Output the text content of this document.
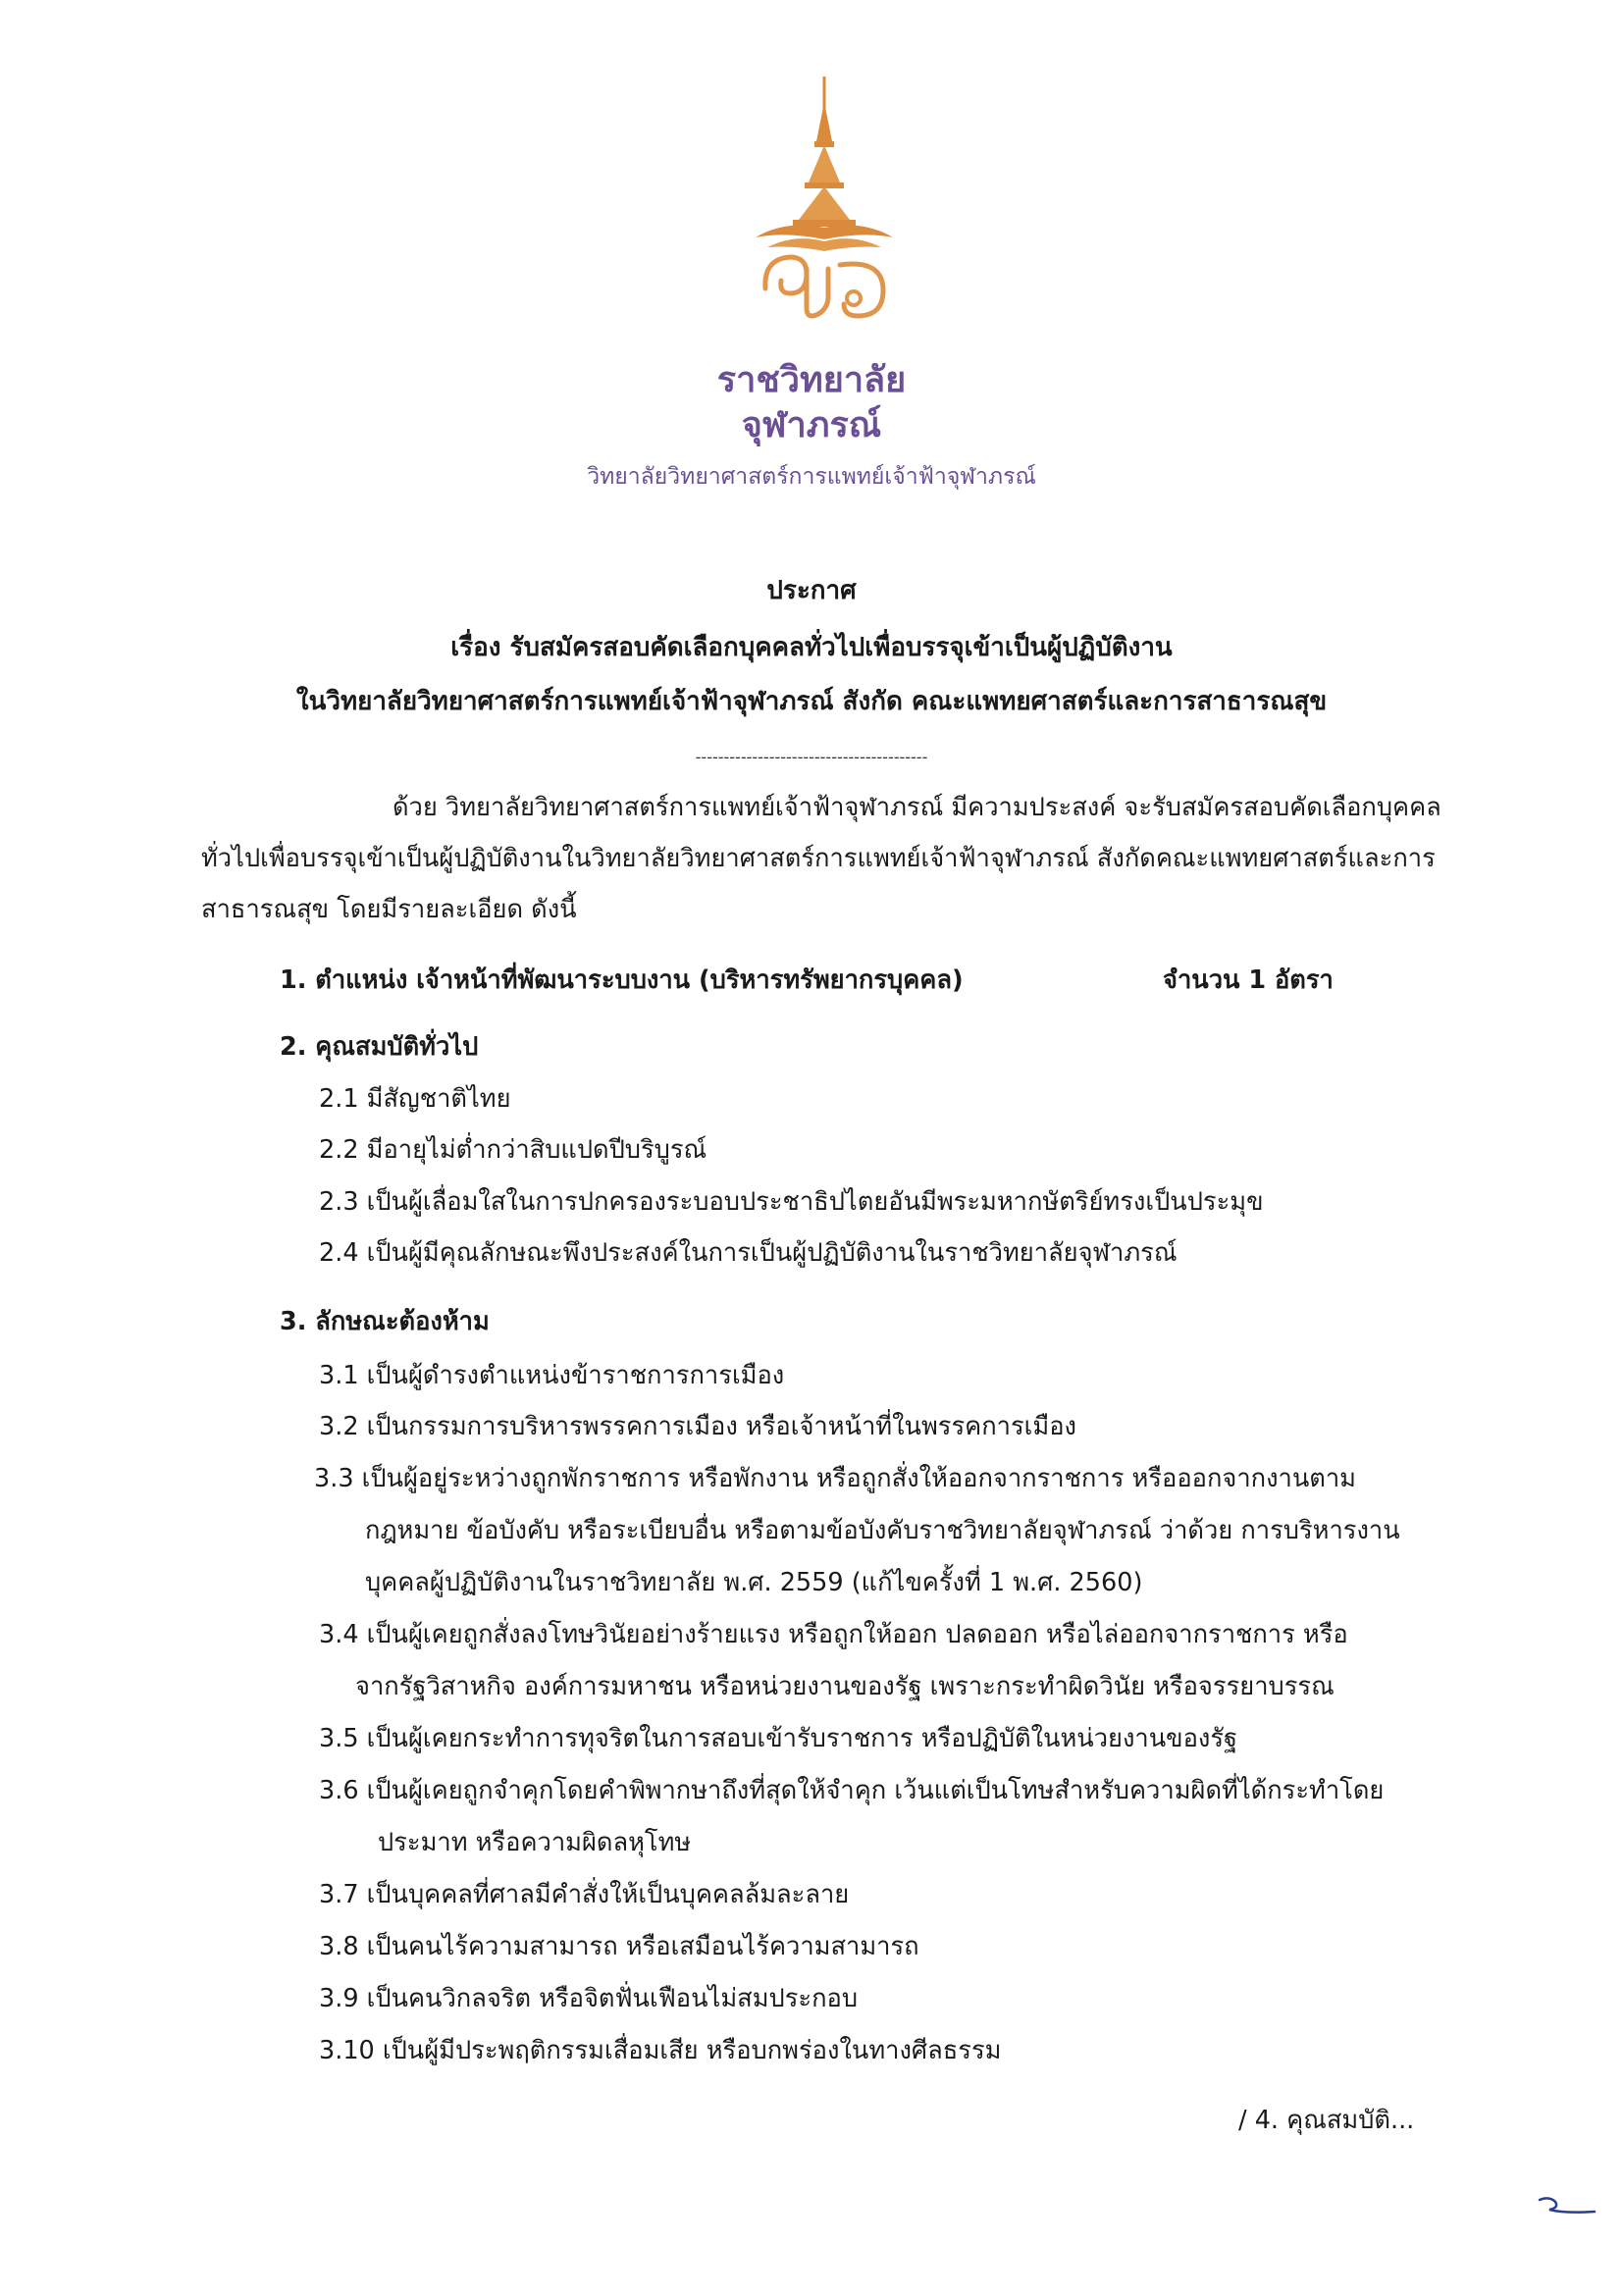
ราชวิทยาลัย
จุฬาภรณ์
วิทยาลัยวิทยาศาสตร์การแพทย์เจ้าฟ้าจุฬาภรณ์
ประกาศ
เรื่อง รับสมัครสอบคัดเลือกบุคคลทั่วไปเพื่อบรรจุเข้าเป็นผู้ปฏิบัติงาน
ในวิทยาลัยวิทยาศาสตร์การแพทย์เจ้าฟ้าจุฬาภรณ์ สังกัด คณะแพทยศาสตร์และการสาธารณสุข
-----------------------------------------
ด้วย วิทยาลัยวิทยาศาสตร์การแพทย์เจ้าฟ้าจุฬาภรณ์ มีความประสงค์ จะรับสมัครสอบคัดเลือกบุคคล
ทั่วไปเพื่อบรรจุเข้าเป็นผู้ปฏิบัติงานในวิทยาลัยวิทยาศาสตร์การแพทย์เจ้าฟ้าจุฬาภรณ์ สังกัดคณะแพทยศาสตร์และการ
สาธารณสุข โดยมีรายละเอียด ดังนี้
1. ตำแหน่ง เจ้าหน้าที่พัฒนาระบบงาน (บริหารทรัพยากรบุคคล)	จำนวน 1 อัตรา
2. คุณสมบัติทั่วไป
2.1 มีสัญชาติไทย
2.2 มีอายุไม่ต่ำกว่าสิบแปดปีบริบูรณ์
2.3 เป็นผู้เลื่อมใสในการปกครองระบอบประชาธิปไตยอันมีพระมหากษัตริย์ทรงเป็นประมุข
2.4 เป็นผู้มีคุณลักษณะพึงประสงค์ในการเป็นผู้ปฏิบัติงานในราชวิทยาลัยจุฬาภรณ์
3. ลักษณะต้องห้าม
3.1 เป็นผู้ดำรงตำแหน่งข้าราชการการเมือง
3.2 เป็นกรรมการบริหารพรรคการเมือง หรือเจ้าหน้าที่ในพรรคการเมือง
3.3 เป็นผู้อยู่ระหว่างถูกพักราชการ หรือพักงาน หรือถูกสั่งให้ออกจากราชการ หรือออกจากงานตาม
กฎหมาย ข้อบังคับ หรือระเบียบอื่น หรือตามข้อบังคับราชวิทยาลัยจุฬาภรณ์ ว่าด้วย การบริหารงาน
บุคคลผู้ปฏิบัติงานในราชวิทยาลัย พ.ศ. 2559 (แก้ไขครั้งที่ 1 พ.ศ. 2560)
3.4 เป็นผู้เคยถูกสั่งลงโทษวินัยอย่างร้ายแรง หรือถูกให้ออก ปลดออก หรือไล่ออกจากราชการ หรือ
จากรัฐวิสาหกิจ องค์การมหาชน หรือหน่วยงานของรัฐ เพราะกระทำผิดวินัย หรือจรรยาบรรณ
3.5 เป็นผู้เคยกระทำการทุจริตในการสอบเข้ารับราชการ หรือปฏิบัติในหน่วยงานของรัฐ
3.6 เป็นผู้เคยถูกจำคุกโดยคำพิพากษาถึงที่สุดให้จำคุก เว้นแต่เป็นโทษสำหรับความผิดที่ได้กระทำโดย
ประมาท หรือความผิดลหุโทษ
3.7 เป็นบุคคลที่ศาลมีคำสั่งให้เป็นบุคคลล้มละลาย
3.8 เป็นคนไร้ความสามารถ หรือเสมือนไร้ความสามารถ
3.9 เป็นคนวิกลจริต หรือจิตฟั่นเฟือนไม่สมประกอบ
3.10 เป็นผู้มีประพฤติกรรมเสื่อมเสีย หรือบกพร่องในทางศีลธรรม
/ 4. คุณสมบัติ...
